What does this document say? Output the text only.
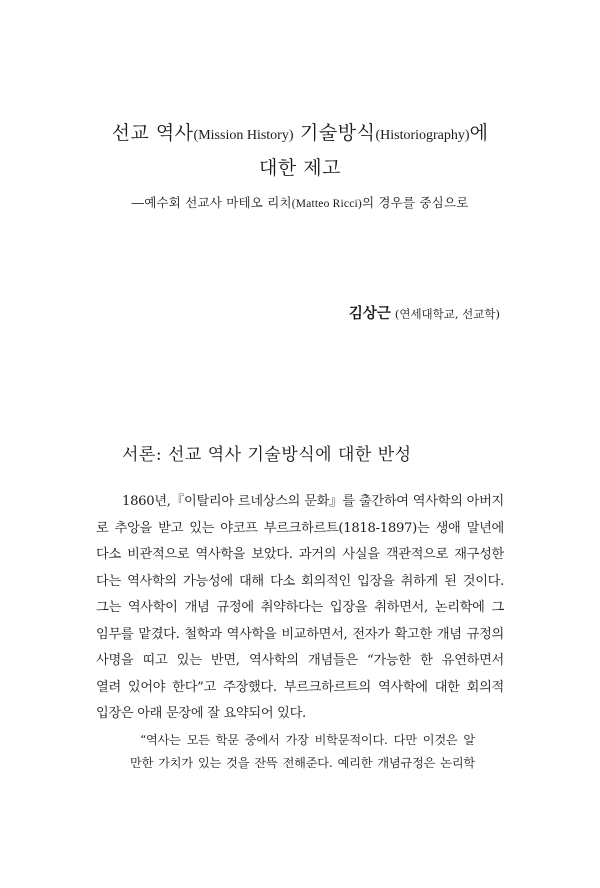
선교 역사(Mission History) 기술방식(Historiography)에
대한 제고
―예수회 선교사 마테오 리치(Matteo Ricci)의 경우를 중심으로
김상근 (연세대학교, 선교학)
서론: 선교 역사 기술방식에 대한 반성
1860년,『이탈리아 르네상스의 문화』를 출간하여 역사학의 아버지
로 추앙을 받고 있는 야코프 부르크하르트(1818-1897)는 생애 말년에
다소 비관적으로 역사학을 보았다. 과거의 사실을 객관적으로 재구성한
다는 역사학의 가능성에 대해 다소 회의적인 입장을 취하게 된 것이다.
그는 역사학이 개념 규정에 취약하다는 입장을 취하면서, 논리학에 그
임무를 맡겼다. 철학과 역사학을 비교하면서, 전자가 확고한 개념 규정의
사명을 띠고 있는 반면, 역사학의 개념들은 “가능한 한 유연하면서
열려 있어야 한다”고 주장했다. 부르크하르트의 역사학에 대한 회의적
입장은 아래 문장에 잘 요약되어 있다.
“역사는 모든 학문 중에서 가장 비학문적이다. 다만 이것은 알
만한 가치가 있는 것을 잔뜩 전해준다. 예리한 개념규정은 논리학
